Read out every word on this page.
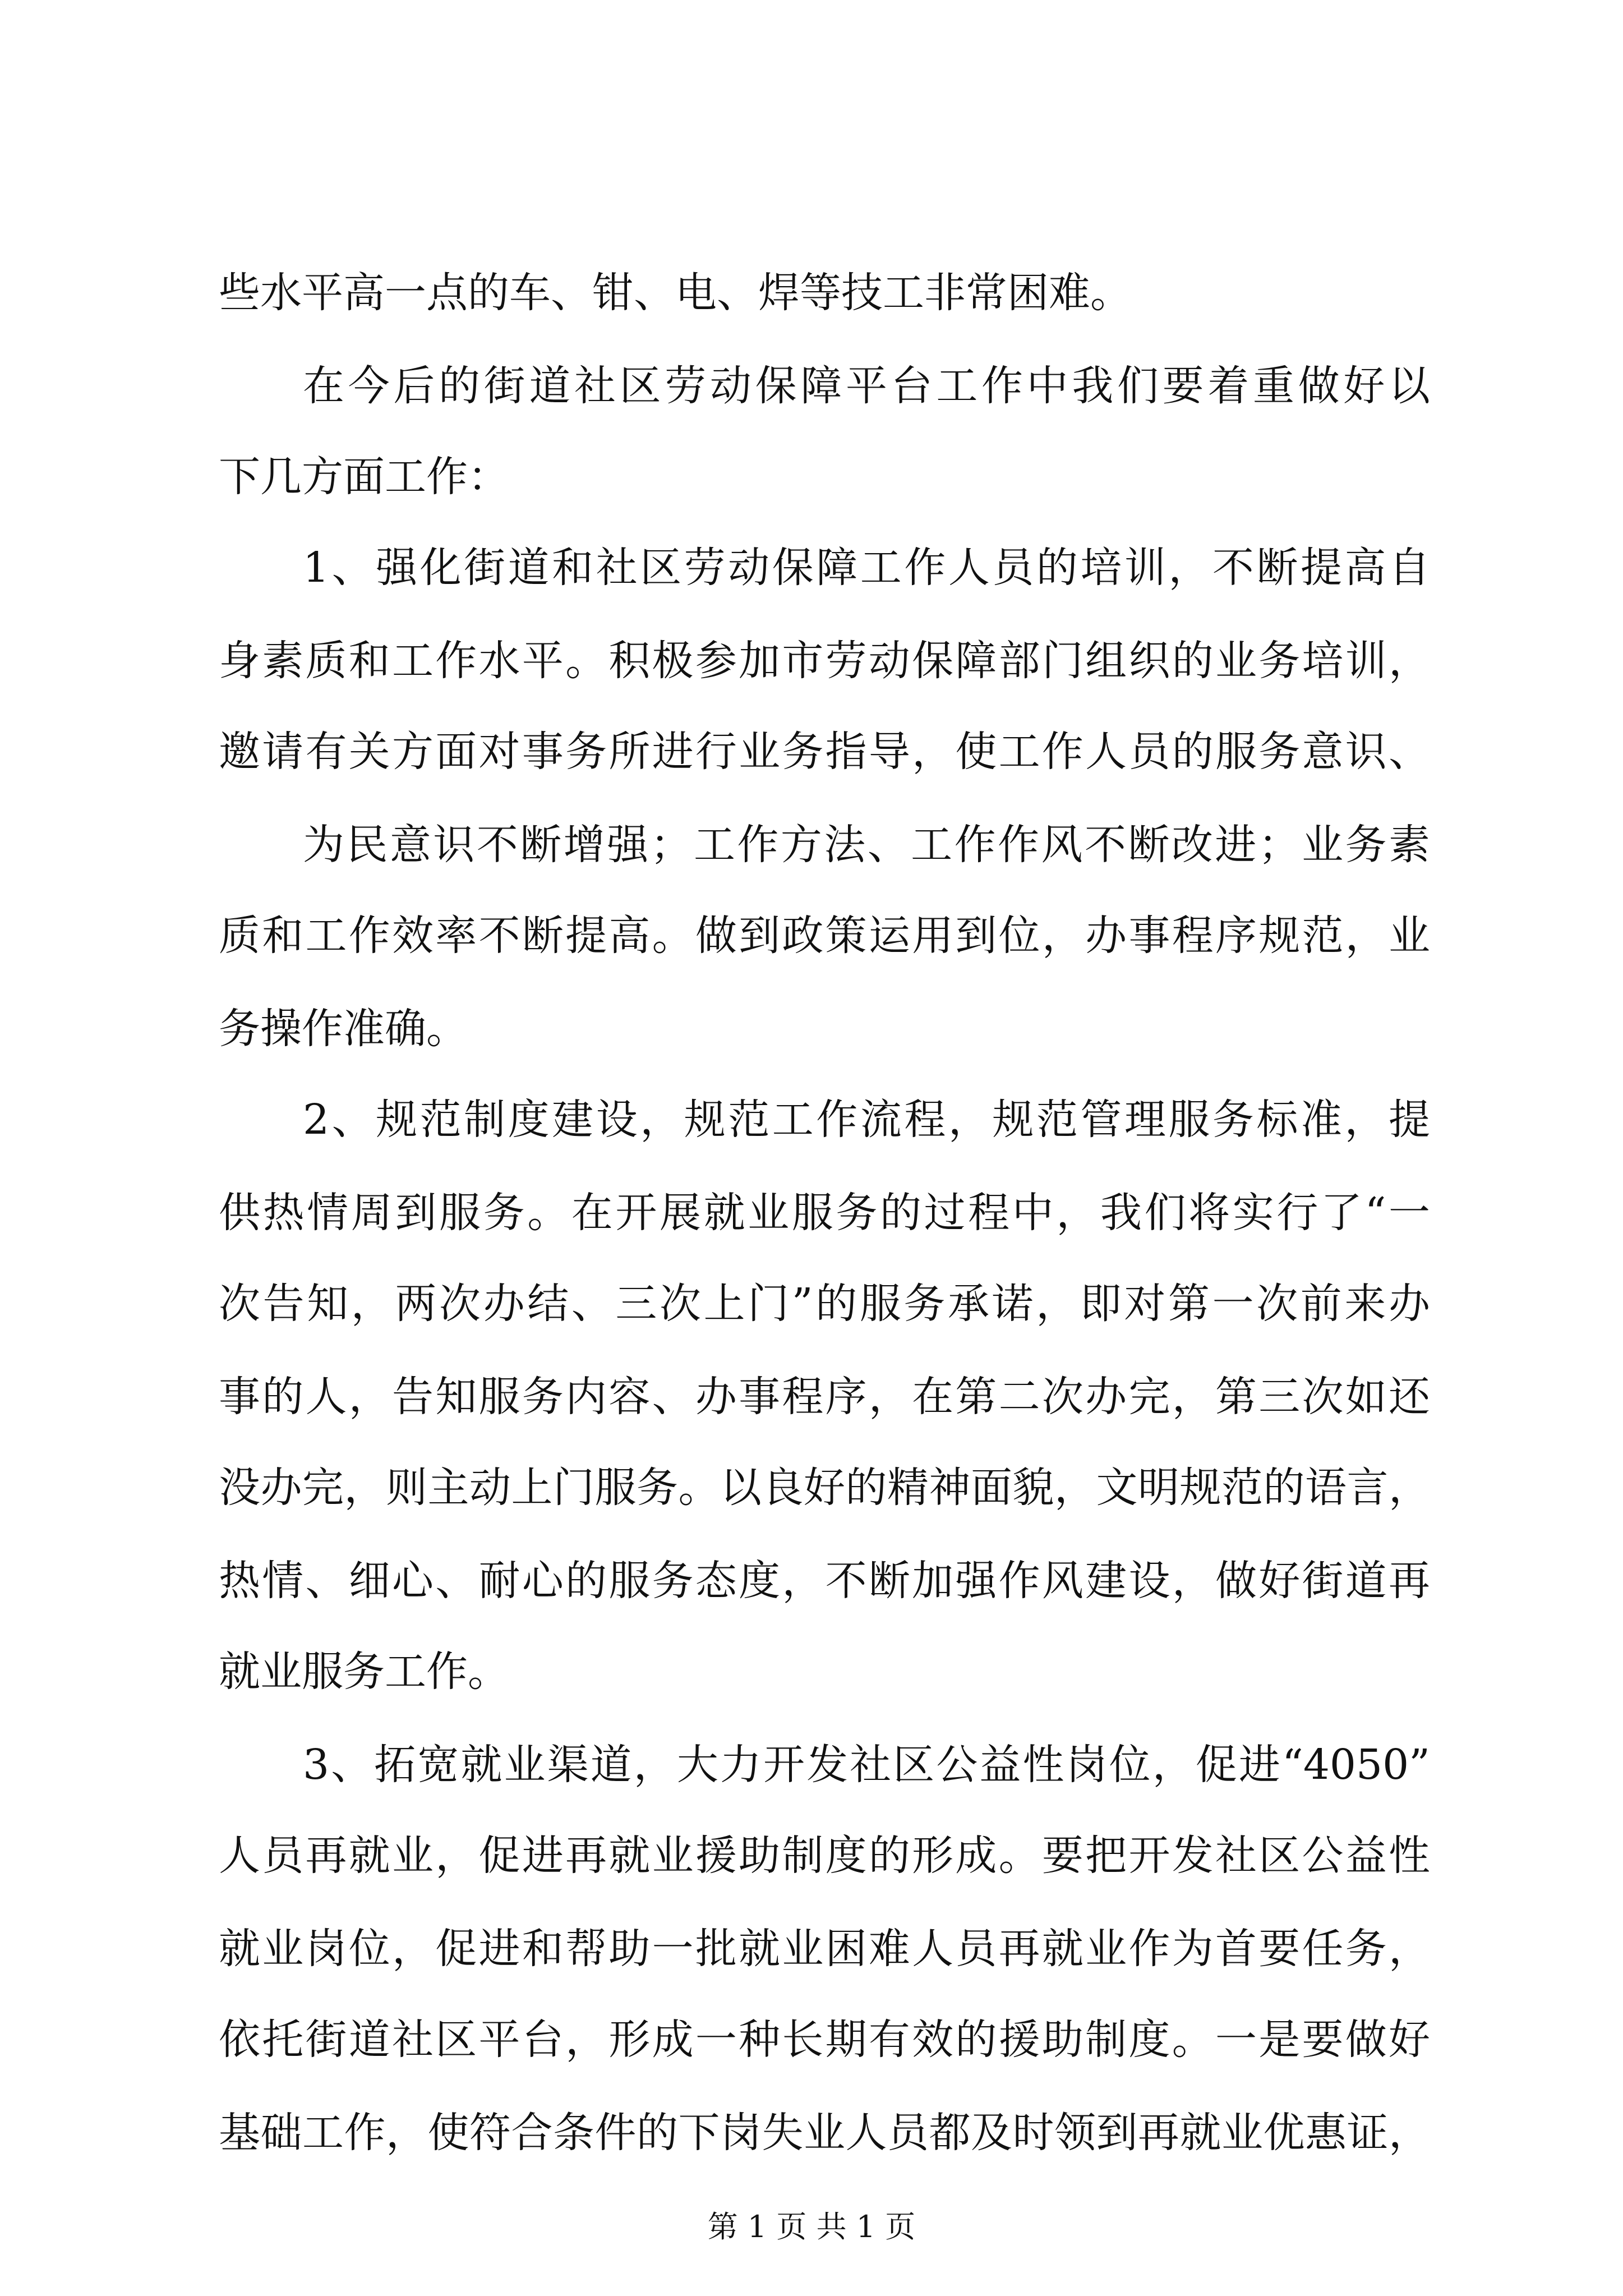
些水平高一点的车、钳、电、焊等技工非常困难。
在今后的街道社区劳动保障平台工作中我们要着重做好以
下几方面工作：
1、强化街道和社区劳动保障工作人员的培训，不断提高自
身素质和工作水平。积极参加市劳动保障部门组织的业务培训，
邀请有关方面对事务所进行业务指导，使工作人员的服务意识、
为民意识不断增强；工作方法、工作作风不断改进；业务素
质和工作效率不断提高。做到政策运用到位，办事程序规范，业
务操作准确。
2、规范制度建设，规范工作流程，规范管理服务标准，提
供热情周到服务。在开展就业服务的过程中，我们将实行了“一
次告知，两次办结、三次上门”的服务承诺，即对第一次前来办
事的人，告知服务内容、办事程序，在第二次办完，第三次如还
没办完，则主动上门服务。以良好的精神面貌，文明规范的语言，
热情、细心、耐心的服务态度，不断加强作风建设，做好街道再
就业服务工作。
3、拓宽就业渠道，大力开发社区公益性岗位，促进“4050”
人员再就业，促进再就业援助制度的形成。要把开发社区公益性
就业岗位，促进和帮助一批就业困难人员再就业作为首要任务，
依托街道社区平台，形成一种长期有效的援助制度。一是要做好
基础工作，使符合条件的下岗失业人员都及时领到再就业优惠证，
第 1 页 共 1 页
